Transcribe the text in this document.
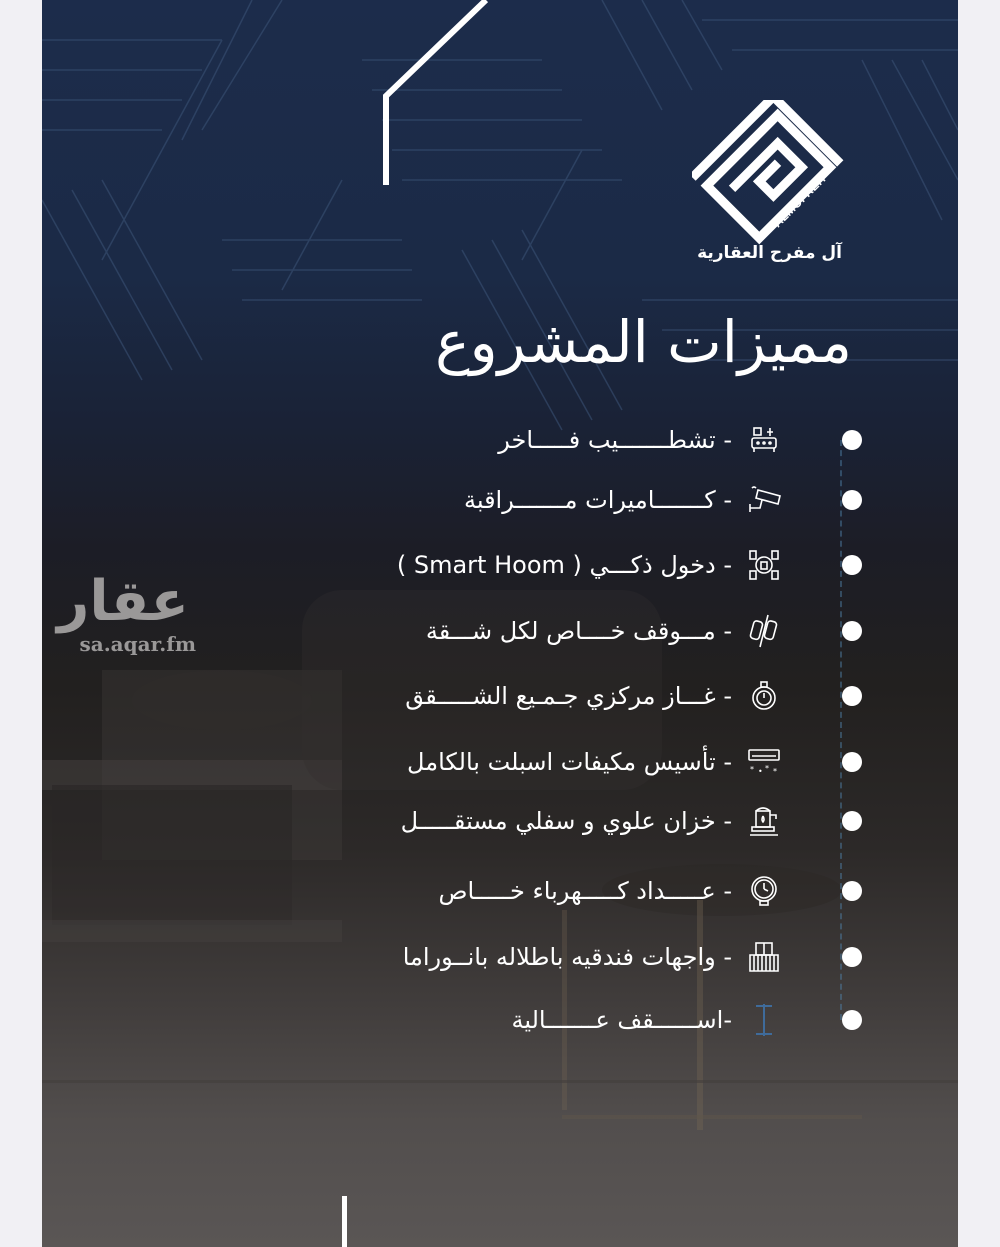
ALMOFREH
آل مفرح العقارية
مميزات المشروع
- تشطـــــــيب فـــــاخر
- كـــــــاميرات مـــــــراقبة
- دخول ذكـــي ( Smart Hoom )
- مـــوقف خــــاص لكل شـــقة
- غـــاز مركزي جـمـيع الشـــــقق
* • * *
- تأسيس مكيفات اسبلت بالكامل
- خزان علوي و سفلي مستقـــــل
- عـــــداد كـــــهرباء خـــــاص
- واجهات فندقيه باطلاله بانــوراما
-اســــــقف عـــــــالية
عقار
sa.aqar.fm
